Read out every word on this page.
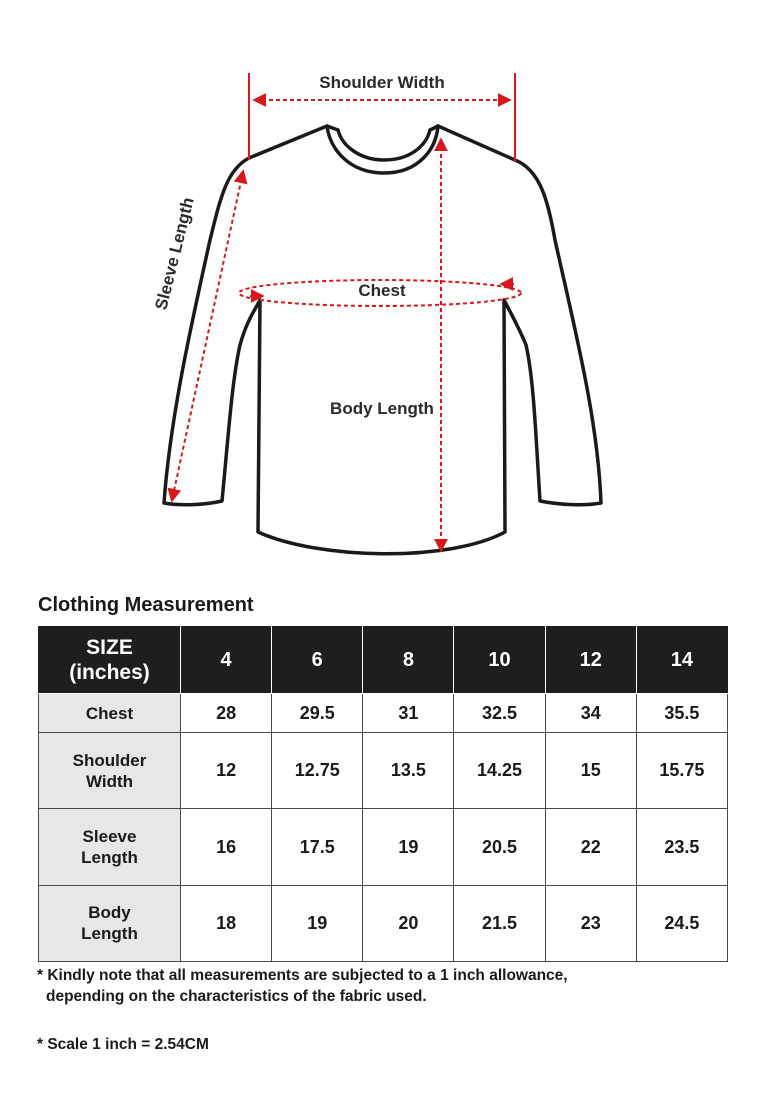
Shoulder Width
Sleeve Length	Chest
Body Length
Clothing Measurement
SIZE
(inches)	4	6	8	10	12	14
Chest	28	29.5	31	32.5	34	35.5
Shoulder
Width	12	12.75	13.5	14.25	15	15.75
Sleeve
Length	16	17.5	19	20.5	22	23.5
Body
Length	18	19	20	21.5	23	24.5

* Kindly note that all measurements are subjected to a 1 inch allowance,

depending on the characteristics of the fabric used.

* Scale 1 inch = 2.54CM
